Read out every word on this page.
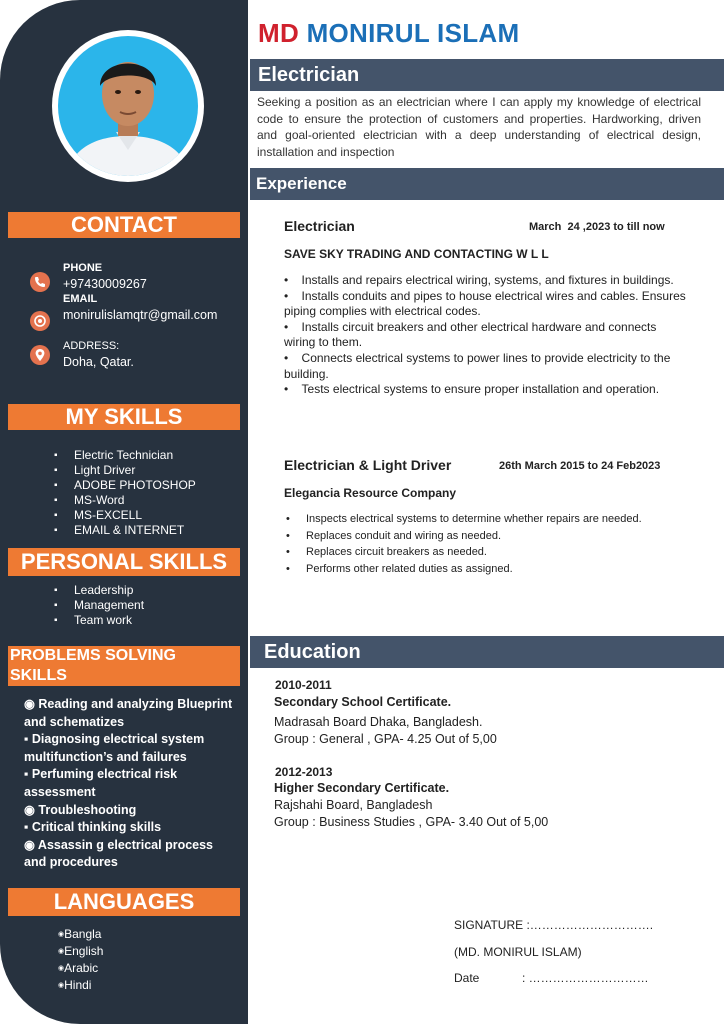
CONTACT
PHONE
+97430009267
EMAIL
monirulislamqtr@gmail.com
ADDRESS:
Doha, Qatar.
MY SKILLS
▪ Electric Technician
▪ Light Driver
▪ ADOBE PHOTOSHOP
▪ MS-Word
▪ MS-EXCELL
▪ EMAIL & INTERNET
PERSONAL SKILLS
▪ Leadership
▪ Management
▪ Team work
PROBLEMS SOLVING
SKILLS
◉ Reading and analyzing Blueprint and schematizes
▪ Diagnosing electrical system multifunction’s and failures
▪ Perfuming electrical risk assessment
◉ Troubleshooting
▪ Critical thinking skills
◉ Assassin g electrical process and procedures
LANGUAGES
◉ Bangla
◉ English
◉ Arabic
◉ Hindi
MD MONIRUL ISLAM
Electrician
Seeking a position as an electrician where I can apply my knowledge of electrical code to ensure the protection of customers and properties. Hardworking, driven and goal-oriented electrician with a deep understanding of electrical design, installation and inspection
Experience
Electrician	March  24 ,2023 to till now
SAVE SKY TRADING AND CONTACTING W L L
•    Installs and repairs electrical wiring, systems, and fixtures in buildings.
•    Installs conduits and pipes to house electrical wires and cables. Ensures piping complies with electrical codes.
•    Installs circuit breakers and other electrical hardware and connects wiring to them.
•    Connects electrical systems to power lines to provide electricity to the building.
•    Tests electrical systems to ensure proper installation and operation.
Electrician & Light Driver	26th March 2015 to 24 Feb2023
Elegancia Resource Company
• Inspects electrical systems to determine whether repairs are needed.
• Replaces conduit and wiring as needed.
• Replaces circuit breakers as needed.
• Performs other related duties as assigned.
Education
2010-2011
Secondary School Certificate.
Madrasah Board Dhaka, Bangladesh.
Group : General , GPA- 4.25 Out of 5,00
2012-2013
Higher Secondary Certificate.
Rajshahi Board, Bangladesh
Group : Business Studies , GPA- 3.40 Out of 5,00
SIGNATURE :………………………….
(MD. MONIRUL ISLAM)
Date	: …………………………
